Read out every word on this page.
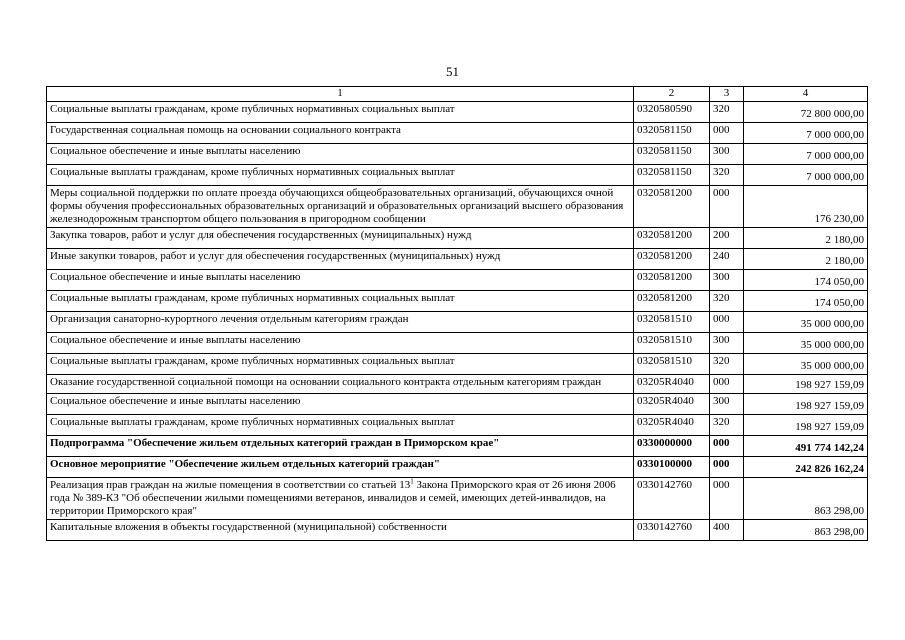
51
1	2	3	4
Социальные выплаты гражданам, кроме публичных нормативных социальных выплат	0320580590	320	72 800 000,00
Государственная социальная помощь на основании социального контракта	0320581150	000	7 000 000,00
Социальное обеспечение и иные выплаты населению	0320581150	300	7 000 000,00
Социальные выплаты гражданам, кроме публичных нормативных социальных выплат	0320581150	320	7 000 000,00
Меры социальной поддержки по оплате проезда обучающихся общеобразовательных организаций, обучающихся очной формы обучения профессиональных образовательных организаций и образовательных организаций высшего образования железнодорожным транспортом общего пользования в пригородном сообщении	0320581200	000	176 230,00
Закупка товаров, работ и услуг для обеспечения государственных (муниципальных) нужд	0320581200	200	2 180,00
Иные закупки товаров, работ и услуг для обеспечения государственных (муниципальных) нужд	0320581200	240	2 180,00
Социальное обеспечение и иные выплаты населению	0320581200	300	174 050,00
Социальные выплаты гражданам, кроме публичных нормативных социальных выплат	0320581200	320	174 050,00
Организация санаторно-курортного лечения отдельным категориям граждан	0320581510	000	35 000 000,00
Социальное обеспечение и иные выплаты населению	0320581510	300	35 000 000,00
Социальные выплаты гражданам, кроме публичных нормативных социальных выплат	0320581510	320	35 000 000,00
Оказание государственной социальной помощи на основании социального контракта отдельным категориям граждан	03205R4040	000	198 927 159,09
Социальное обеспечение и иные выплаты населению	03205R4040	300	198 927 159,09
Социальные выплаты гражданам, кроме публичных нормативных социальных выплат	03205R4040	320	198 927 159,09
Подпрограмма "Обеспечение жильем отдельных категорий граждан в Приморском крае"	0330000000	000	491 774 142,24
Основное мероприятие "Обеспечение жильем отдельных категорий граждан"	0330100000	000	242 826 162,24
Реализация прав граждан на жилые помещения в соответствии со статьей $13^1$ Закона Приморского края от 26 июня 2006 года № 389-КЗ "Об обеспечении жилыми помещениями ветеранов, инвалидов и семей, имеющих детей-инвалидов, на территории Приморского края"	0330142760	000	863 298,00
Капитальные вложения в объекты государственной (муниципальной) собственности	0330142760	400	863 298,00
